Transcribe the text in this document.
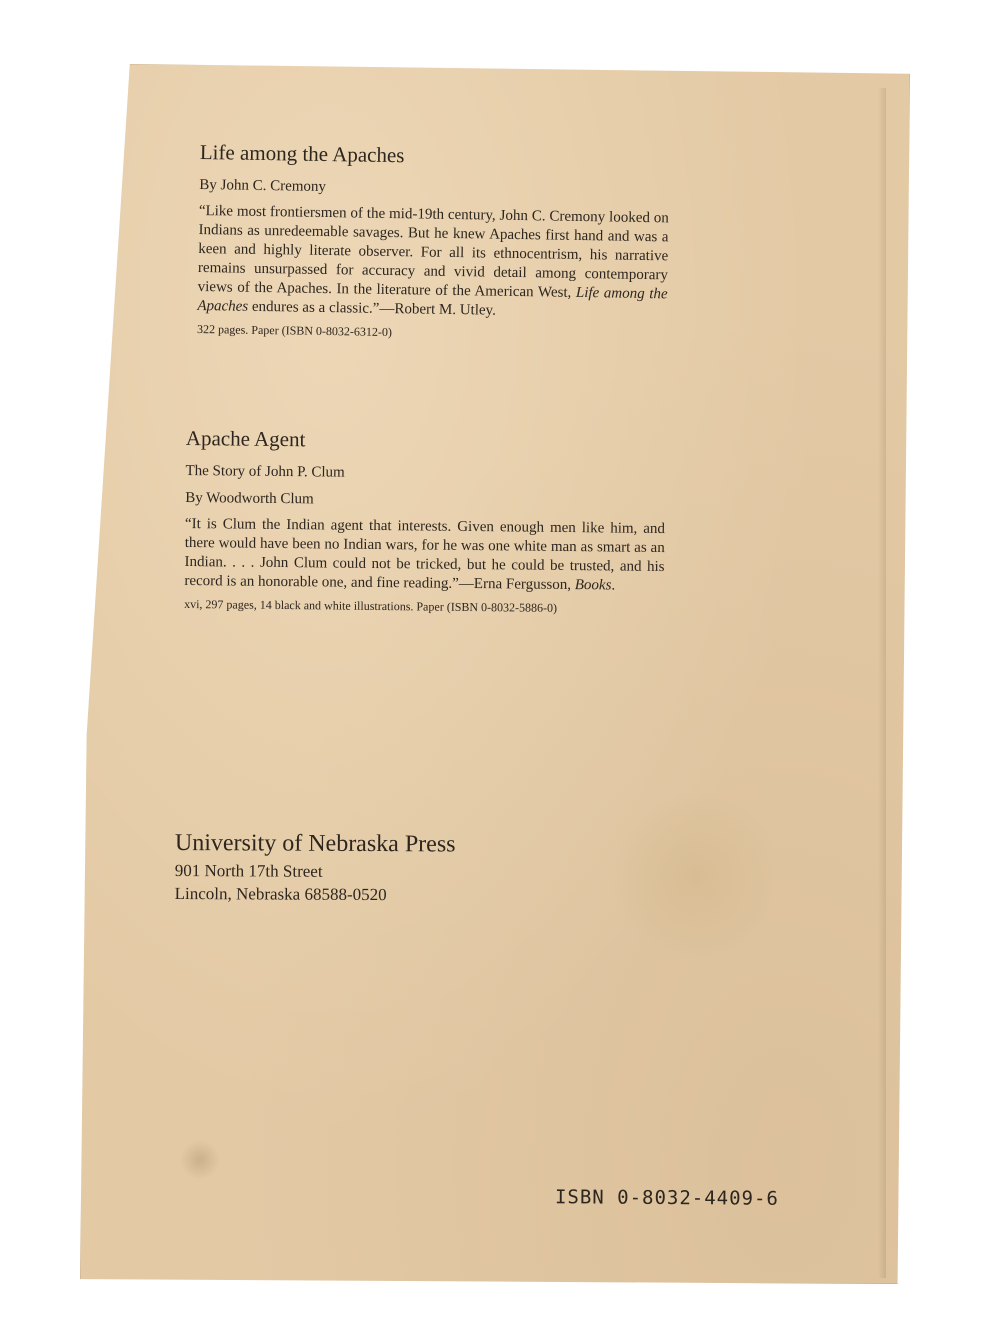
Life among the Apaches

By John C. Cremony

“Like most frontiersmen of the mid-19th century, John C. Cremony looked on Indians as unredeemable savages. But he knew Apaches first hand and was a keen and highly literate observer. For all its ethnocentrism, his narrative remains unsurpassed for accuracy and vivid detail among contemporary views of the Apaches. In the literature of the American West, Life among the Apaches endures as a classic.”—Robert M. Utley.

322 pages. Paper (ISBN 0-8032-6312-0)

Apache Agent

The Story of John P. Clum

By Woodworth Clum

“It is Clum the Indian agent that interests. Given enough men like him, and there would have been no Indian wars, for he was one white man as smart as an Indian. . . . John Clum could not be tricked, but he could be trusted, and his record is an honorable one, and fine reading.”—Erna Fergusson, Books.

xvi, 297 pages, 14 black and white illustrations. Paper (ISBN 0-8032-5886-0)

University of Nebraska Press

901 North 17th Street

Lincoln, Nebraska 68588-0520

ISBN 0-8032-4409-6
